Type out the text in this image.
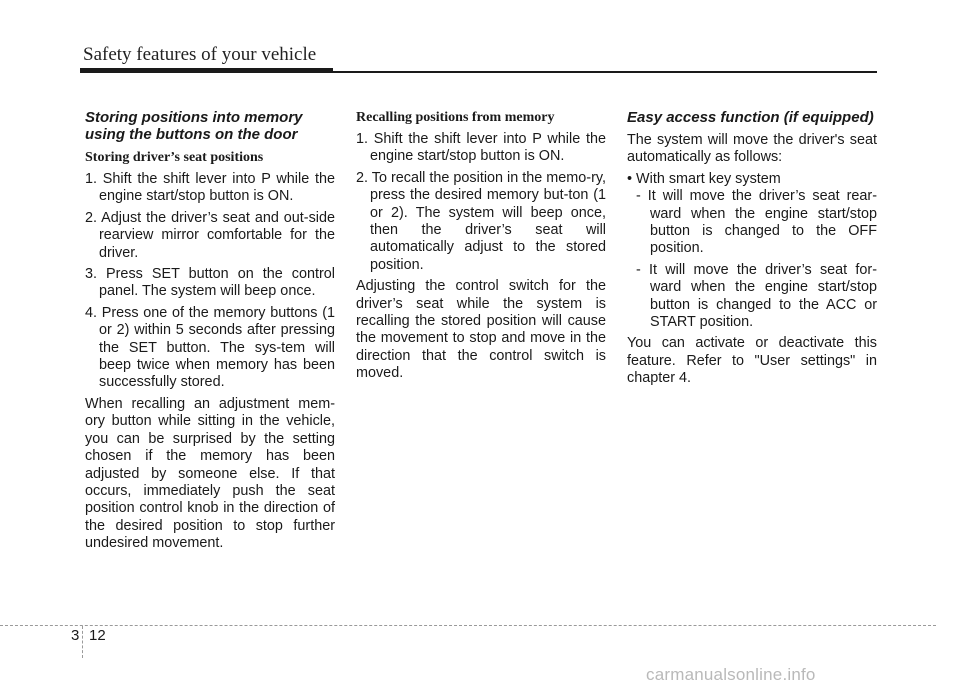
Safety features of your vehicle
Storing positions into memory using the buttons on the door
Storing driver’s seat positions
1. Shift the shift lever into P while the engine start/stop button is ON.
2. Adjust the driver’s seat and out-side rearview mirror comfortable for the driver.
3. Press SET button on the control panel. The system will beep once.
4. Press one of the memory buttons (1 or 2) within 5 seconds after pressing the SET button. The sys-tem will beep twice when memory has been successfully stored.

When recalling an adjustment mem-ory button while sitting in the vehicle, you can be surprised by the setting chosen if the memory has been adjusted by someone else. If that occurs, immediately push the seat position control knob in the direction of the desired position to stop further undesired movement.

Recalling positions from memory
1. Shift the shift lever into P while the engine start/stop button is ON.
2. To recall the position in the memo-ry, press the desired memory but-ton (1 or 2). The system will beep once, then the driver’s seat will automatically adjust to the stored position.

Adjusting the control switch for the driver’s seat while the system is recalling the stored position will cause the movement to stop and move in the direction that the control switch is moved.

Easy access function (if equipped)

The system will move the driver's seat automatically as follows:

• With smart key system

- It will move the driver’s seat rear-ward when the engine start/stop button is changed to the OFF position.
- It will move the driver’s seat for-ward when the engine start/stop button is changed to the ACC or START position.

You can activate or deactivate this feature. Refer to "User settings" in chapter 4.

3 12
carmanualsonline.info
